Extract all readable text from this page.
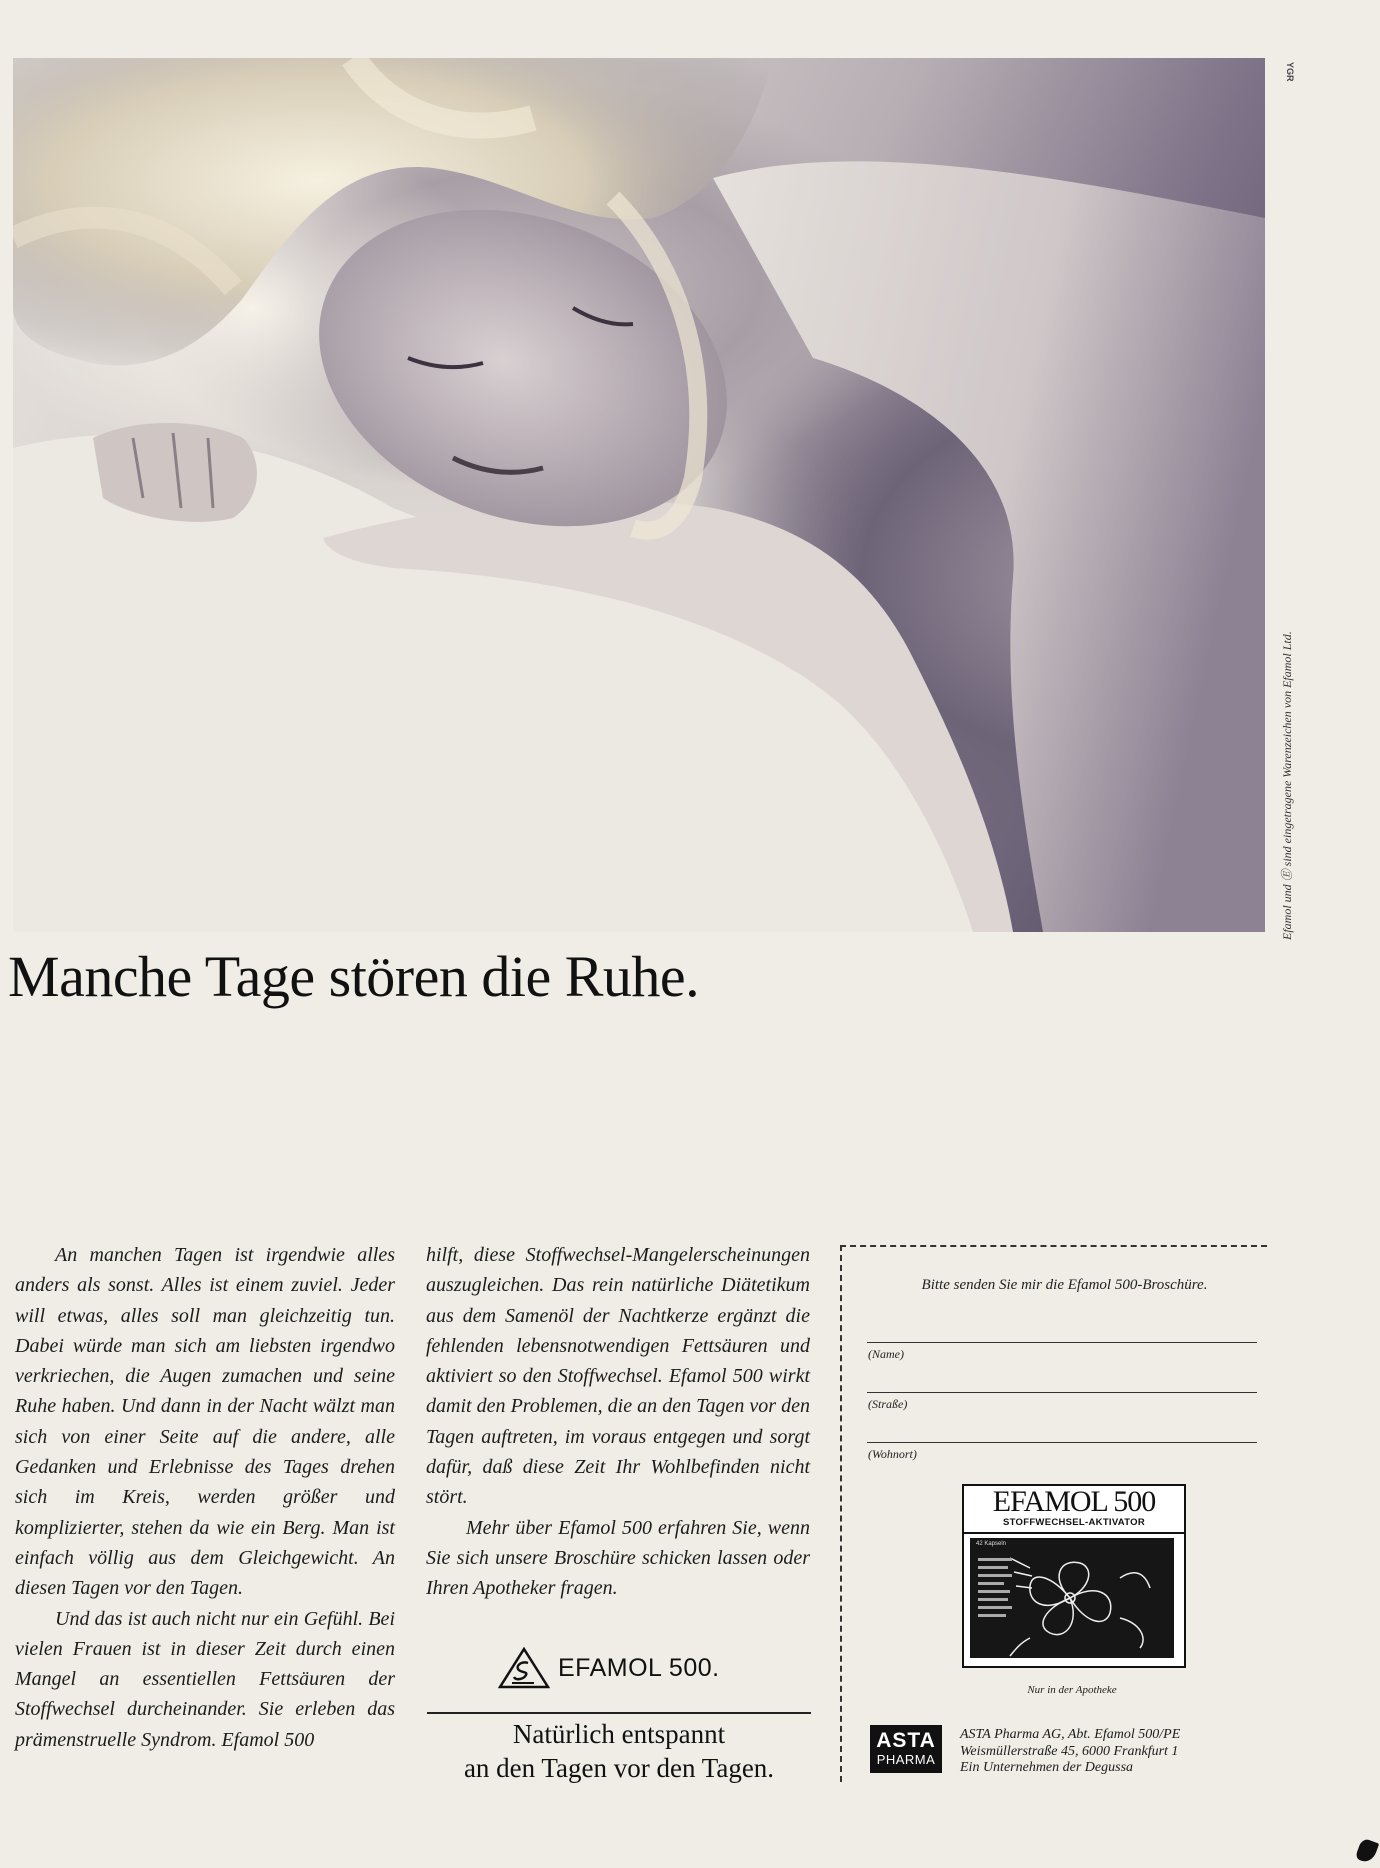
YGR
Efamol und Ⓔ sind eingetragene Warenzeichen von Efamol Ltd.
Manche Tage stören die Ruhe.

An manchen Tagen ist irgendwie alles anders als sonst. Alles ist einem zuviel. Jeder will etwas, alles soll man gleichzeitig tun. Dabei würde man sich am liebsten irgendwo verkriechen, die Augen zumachen und seine Ruhe haben. Und dann in der Nacht wälzt man sich von einer Seite auf die andere, alle Gedanken und Erlebnisse des Tages drehen sich im Kreis, werden größer und komplizierter, stehen da wie ein Berg. Man ist einfach völlig aus dem Gleichgewicht. An diesen Tagen vor den Tagen.

Und das ist auch nicht nur ein Gefühl. Bei vielen Frauen ist in dieser Zeit durch einen Mangel an essentiellen Fettsäuren der Stoffwechsel durcheinander. Sie erleben das prämenstruelle Syndrom. Efamol 500

hilft, diese Stoffwechsel-Mangelerscheinungen auszugleichen. Das rein natürliche Diätetikum aus dem Samenöl der Nachtkerze ergänzt die fehlenden lebensnotwendigen Fettsäuren und aktiviert so den Stoffwechsel. Efamol 500 wirkt damit den Problemen, die an den Tagen vor den Tagen auftreten, im voraus entgegen und sorgt dafür, daß diese Zeit Ihr Wohlbefinden nicht stört.

Mehr über Efamol 500 erfahren Sie, wenn Sie sich unsere Broschüre schicken lassen oder Ihren Apotheker fragen.

EFAMOL 500.
Natürlich entspannt
an den Tagen vor den Tagen.
Bitte senden Sie mir die Efamol 500-Broschüre.
(Name)
(Straße)
(Wohnort)
EFAMOL 500
STOFFWECHSEL-AKTIVATOR
42 Kapseln
Nur in der Apotheke
ASTA
PHARMA
ASTA Pharma AG, Abt. Efamol 500/PE
Weismüllerstraße 45, 6000 Frankfurt 1
Ein Unternehmen der Degussa
